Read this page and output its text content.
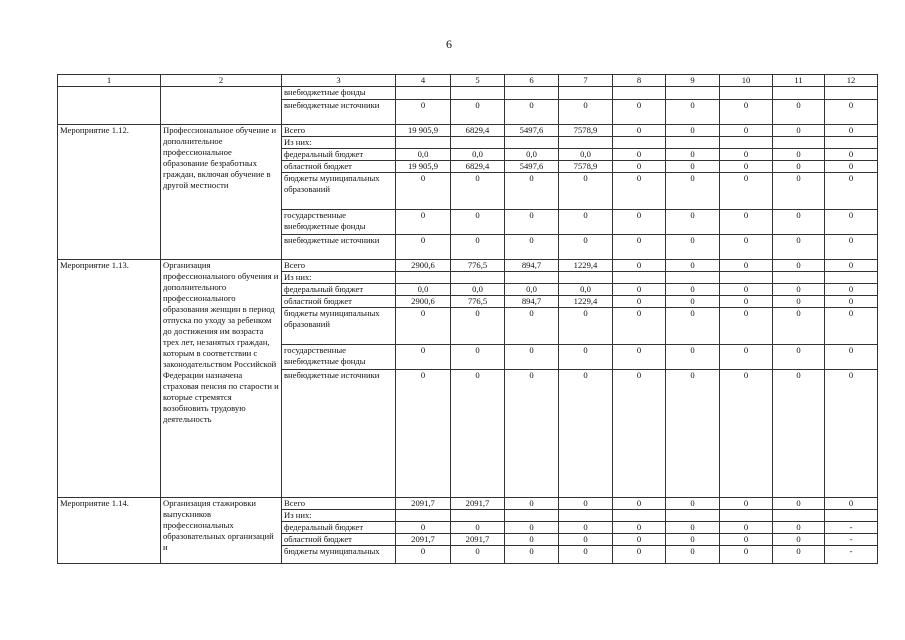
6
1	2	3	4	5	6	7	8	9	10	11	12
		внебюджетные фонды									
		внебюджетные источники	0	0	0	0	0	0	0	0	0
Мероприятие 1.12.	Профессиональное обучение и дополнительное профессиональное образование безработных граждан, включая обучение в другой местности	Всего	19 905,9	6829,4	5497,6	7578,9	0	0	0	0	0
		Из них:									
		федеральный бюджет	0,0	0,0	0,0	0,0	0	0	0	0	0
		областной бюджет	19 905,9	6829,4	5497,6	7578,9	0	0	0	0	0
		бюджеты муниципальных образований	0	0	0	0	0	0	0	0	0
		государственные внебюджетные фонды	0	0	0	0	0	0	0	0	0
		внебюджетные источники	0	0	0	0	0	0	0	0	0
Мероприятие 1.13.	Организация профессионального обучения и дополнительного профессионального образования женщин в период отпуска по уходу за ребенком до достижения им возраста трех лет, незанятых граждан, которым в соответствии с законодательством Российской Федерации назначена страховая пенсия по старости и которые стремятся возобновить трудовую деятельность	Всего	2900,6	776,5	894,7	1229,4	0	0	0	0	0
		Из них:									
		федеральный бюджет	0,0	0,0	0,0	0,0	0	0	0	0	0
		областной бюджет	2900,6	776,5	894,7	1229,4	0	0	0	0	0
		бюджеты муниципальных образований	0	0	0	0	0	0	0	0	0
		государственные внебюджетные фонды	0	0	0	0	0	0	0	0	0
		внебюджетные источники	0	0	0	0	0	0	0	0	0
Мероприятие 1.14.	Организация стажировки выпускников профессиональных образовательных организаций и	Всего	2091,7	2091,7	0	0	0	0	0	0	0
		Из них:									
		федеральный бюджет	0	0	0	0	0	0	0	0	-
		областной бюджет	2091,7	2091,7	0	0	0	0	0	0	-
		бюджеты муниципальных	0	0	0	0	0	0	0	0	-
